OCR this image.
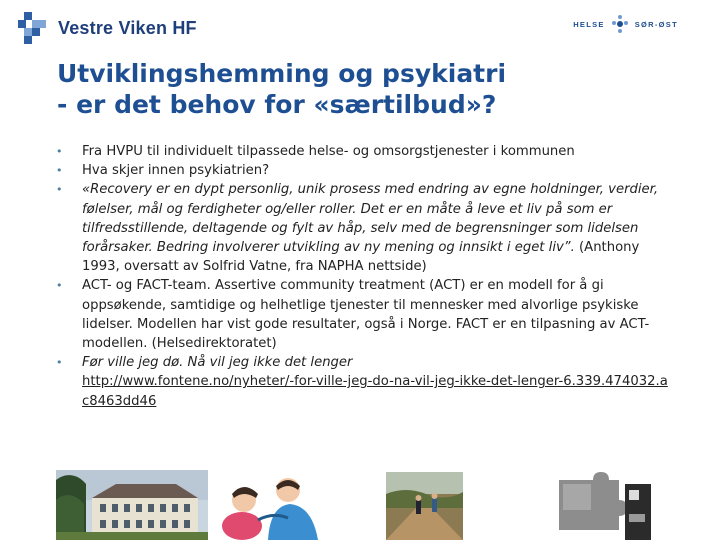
Vestre Viken HF	HELSE	SØR-ØST
Utviklingshemming og psykiatri
- er det behov for «særtilbud»?
• Fra HVPU til individuelt tilpassede helse- og omsorgstjenester i kommunen
• Hva skjer innen psykiatrien?
• «Recovery er en dypt personlig, unik prosess med endring av egne holdninger, verdier, følelser, mål og ferdigheter og/eller roller. Det er en måte å leve et liv på som er tilfredsstillende, deltagende og fylt av håp, selv med de begrensninger som lidelsen forårsaker. Bedring involverer utvikling av ny mening og innsikt i eget liv”. (Anthony 1993, oversatt av Solfrid Vatne, fra NAPHA nettside)
• ACT- og FACT-team. Assertive community treatment (ACT) er en modell for å gi oppsøkende, samtidige og helhetlige tjenester til mennesker med alvorlige psykiske lidelser. Modellen har vist gode resultater, også i Norge. FACT er en tilpasning av ACT-modellen. (Helsedirektoratet)
• Før ville jeg dø. Nå vil jeg ikke det lenger
http://www.fontene.no/nyheter/-for-ville-jeg-do-na-vil-jeg-ikke-det-lenger-6.339.474032.ac8463dd46
